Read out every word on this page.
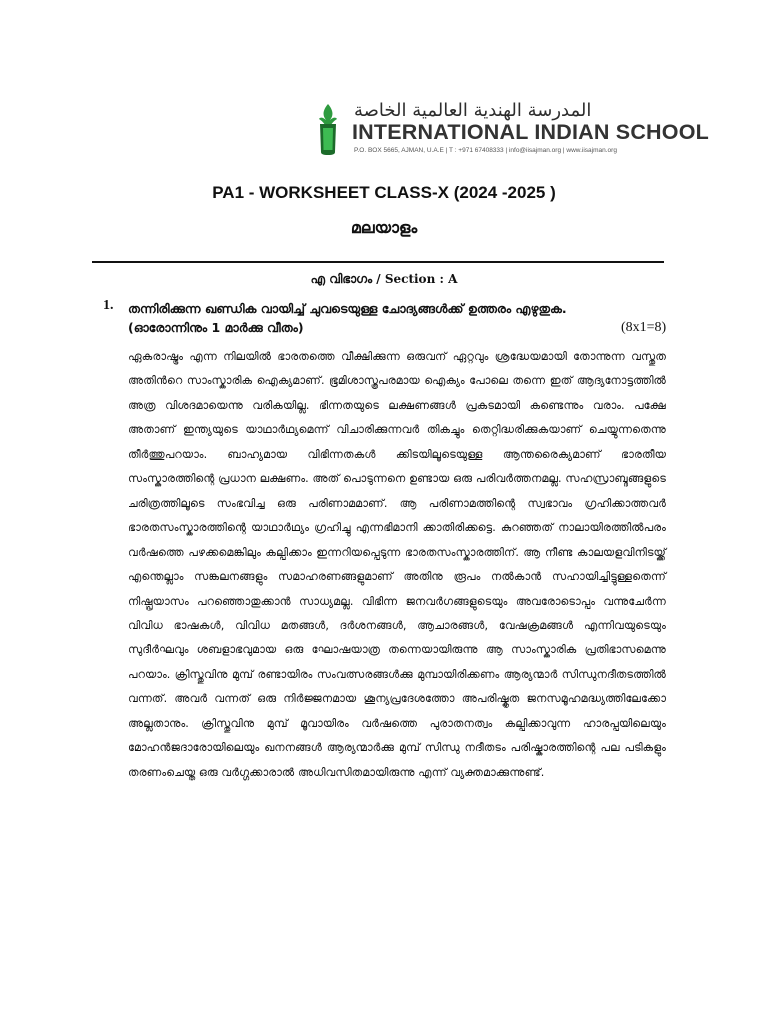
المدرسة الهندية العالمية الخاصة
INTERNATIONAL INDIAN SCHOOL
P.O. BOX 5665, AJMAN, U.A.E | T : +971 67408333 | info@iisajman.org | www.iisajman.org
PA1 - WORKSHEET CLASS-X (2024 -2025 )
മലയാളം
എ വിഭാഗം / Section : A
1. തന്നിരിക്കുന്ന ഖണ്ഡിക വായിച്ച് ചുവടെയുള്ള ചോദ്യങ്ങൾക്ക് ഉത്തരം എഴുതുക.
(ഓരോന്നിനും 1 മാർക്കു വീതം)	(8x1=8)

ഏകരാഷ്ട്രം എന്ന നിലയിൽ ഭാരതത്തെ വീക്ഷിക്കുന്ന ഒരുവന് ഏറ്റവും ശ്രദ്ധേയമായി തോന്നുന്ന വസ്തുത അതിൻറെ സാംസ്കാരിക ഐക്യമാണ്. ഭൂമിശാസ്ത്രപരമായ ഐക്യം പോലെ തന്നെ ഇത് ആദ്യനോട്ടത്തിൽ അത്ര വിശദമായെന്നു വരികയില്ല. ഭിന്നതയുടെ ലക്ഷണങ്ങൾ പ്രകടമായി കണ്ടെന്നും വരാം. പക്ഷേ അതാണ് ഇന്ത്യയുടെ യാഥാർഥ്യമെന്ന് വിചാരിക്കുന്നവർ തികച്ചും തെറ്റിദ്ധരിക്കുകയാണ് ചെയ്യുന്നതെന്നു തീർത്തുപറയാം. ബാഹ്യമായ വിഭിന്നതകൾ ക്കിടയിലൂടെയുള്ള ആന്തരൈക്യമാണ് ഭാരതീയ സംസ്കാരത്തിന്റെ പ്രധാന ലക്ഷണം. അത് പൊടുന്നനെ ഉണ്ടായ ഒരു പരിവർത്തനമല്ല. സഹസ്രാബ്ദങ്ങളുടെ ചരിത്രത്തിലൂടെ സംഭവിച്ച ഒരു പരിണാമമാണ്. ആ പരിണാമത്തിന്റെ സ്വഭാവം ഗ്രഹിക്കാത്തവർ ഭാരതസംസ്കാരത്തിന്റെ യാഥാർഥ്യം ഗ്രഹിച്ചു എന്നഭിമാനി ക്കാതിരിക്കട്ടെ. കുറഞ്ഞത് നാലായിരത്തിൽപരം വർഷത്തെ പഴക്കമെങ്കിലും കല്പിക്കാം ഇന്നറിയപ്പെടുന്ന ഭാരതസംസ്കാരത്തിന്. ആ നീണ്ട കാലയളവിനിടയ്ക്ക് എന്തെല്ലാം സങ്കലനങ്ങളും സമാഹരണങ്ങളുമാണ് അതിനു രൂപം നൽകാൻ സഹായിച്ചിട്ടുള്ളതെന്ന് നിഷ്പ്രയാസം പറഞ്ഞൊതുക്കാൻ സാധ്യമല്ല. വിഭിന്ന ജനവർഗങ്ങളുടെയും അവരോടൊപ്പം വന്നുചേർന്ന വിവിധ ഭാഷകൾ, വിവിധ മതങ്ങൾ, ദർശനങ്ങൾ, ആചാരങ്ങൾ, വേഷക്രമങ്ങൾ എന്നിവയുടെയും സുദീർഘവും ശബളാഭവുമായ ഒരു ഘോഷയാത്ര തന്നെയായിരുന്നു ആ സാംസ്കാരിക പ്രതിഭാസമെന്നു പറയാം. ക്രിസ്തുവിനു മുമ്പ് രണ്ടായിരം സംവത്സരങ്ങൾക്കു മുമ്പായിരിക്കണം ആര്യന്മാർ സിന്ധുനദീതടത്തിൽ വന്നത്. അവർ വന്നത് ഒരു നിർജ്ജനമായ ശൂന്യപ്രദേശത്തോ അപരിഷ്കൃത ജനസമൂഹമദ്ധ്യത്തിലേക്കോ അല്ലതാനും. ക്രിസ്തുവിനു മുമ്പ് മൂവായിരം വർഷത്തെ പുരാതനത്വം കല്പിക്കാവുന്ന ഹാരപ്പയിലെയും മോഹൻജദാരോയിലെയും ഖനനങ്ങൾ ആര്യന്മാർക്കു മുമ്പ് സിന്ധു നദീതടം പരിഷ്കാരത്തിന്റെ പല പടികളും തരണംചെയ്ത ഒരു വർഗ്ഗക്കാരാൽ അധിവസിതമായിരുന്നു എന്ന് വ്യക്തമാക്കുന്നുണ്ട്.
